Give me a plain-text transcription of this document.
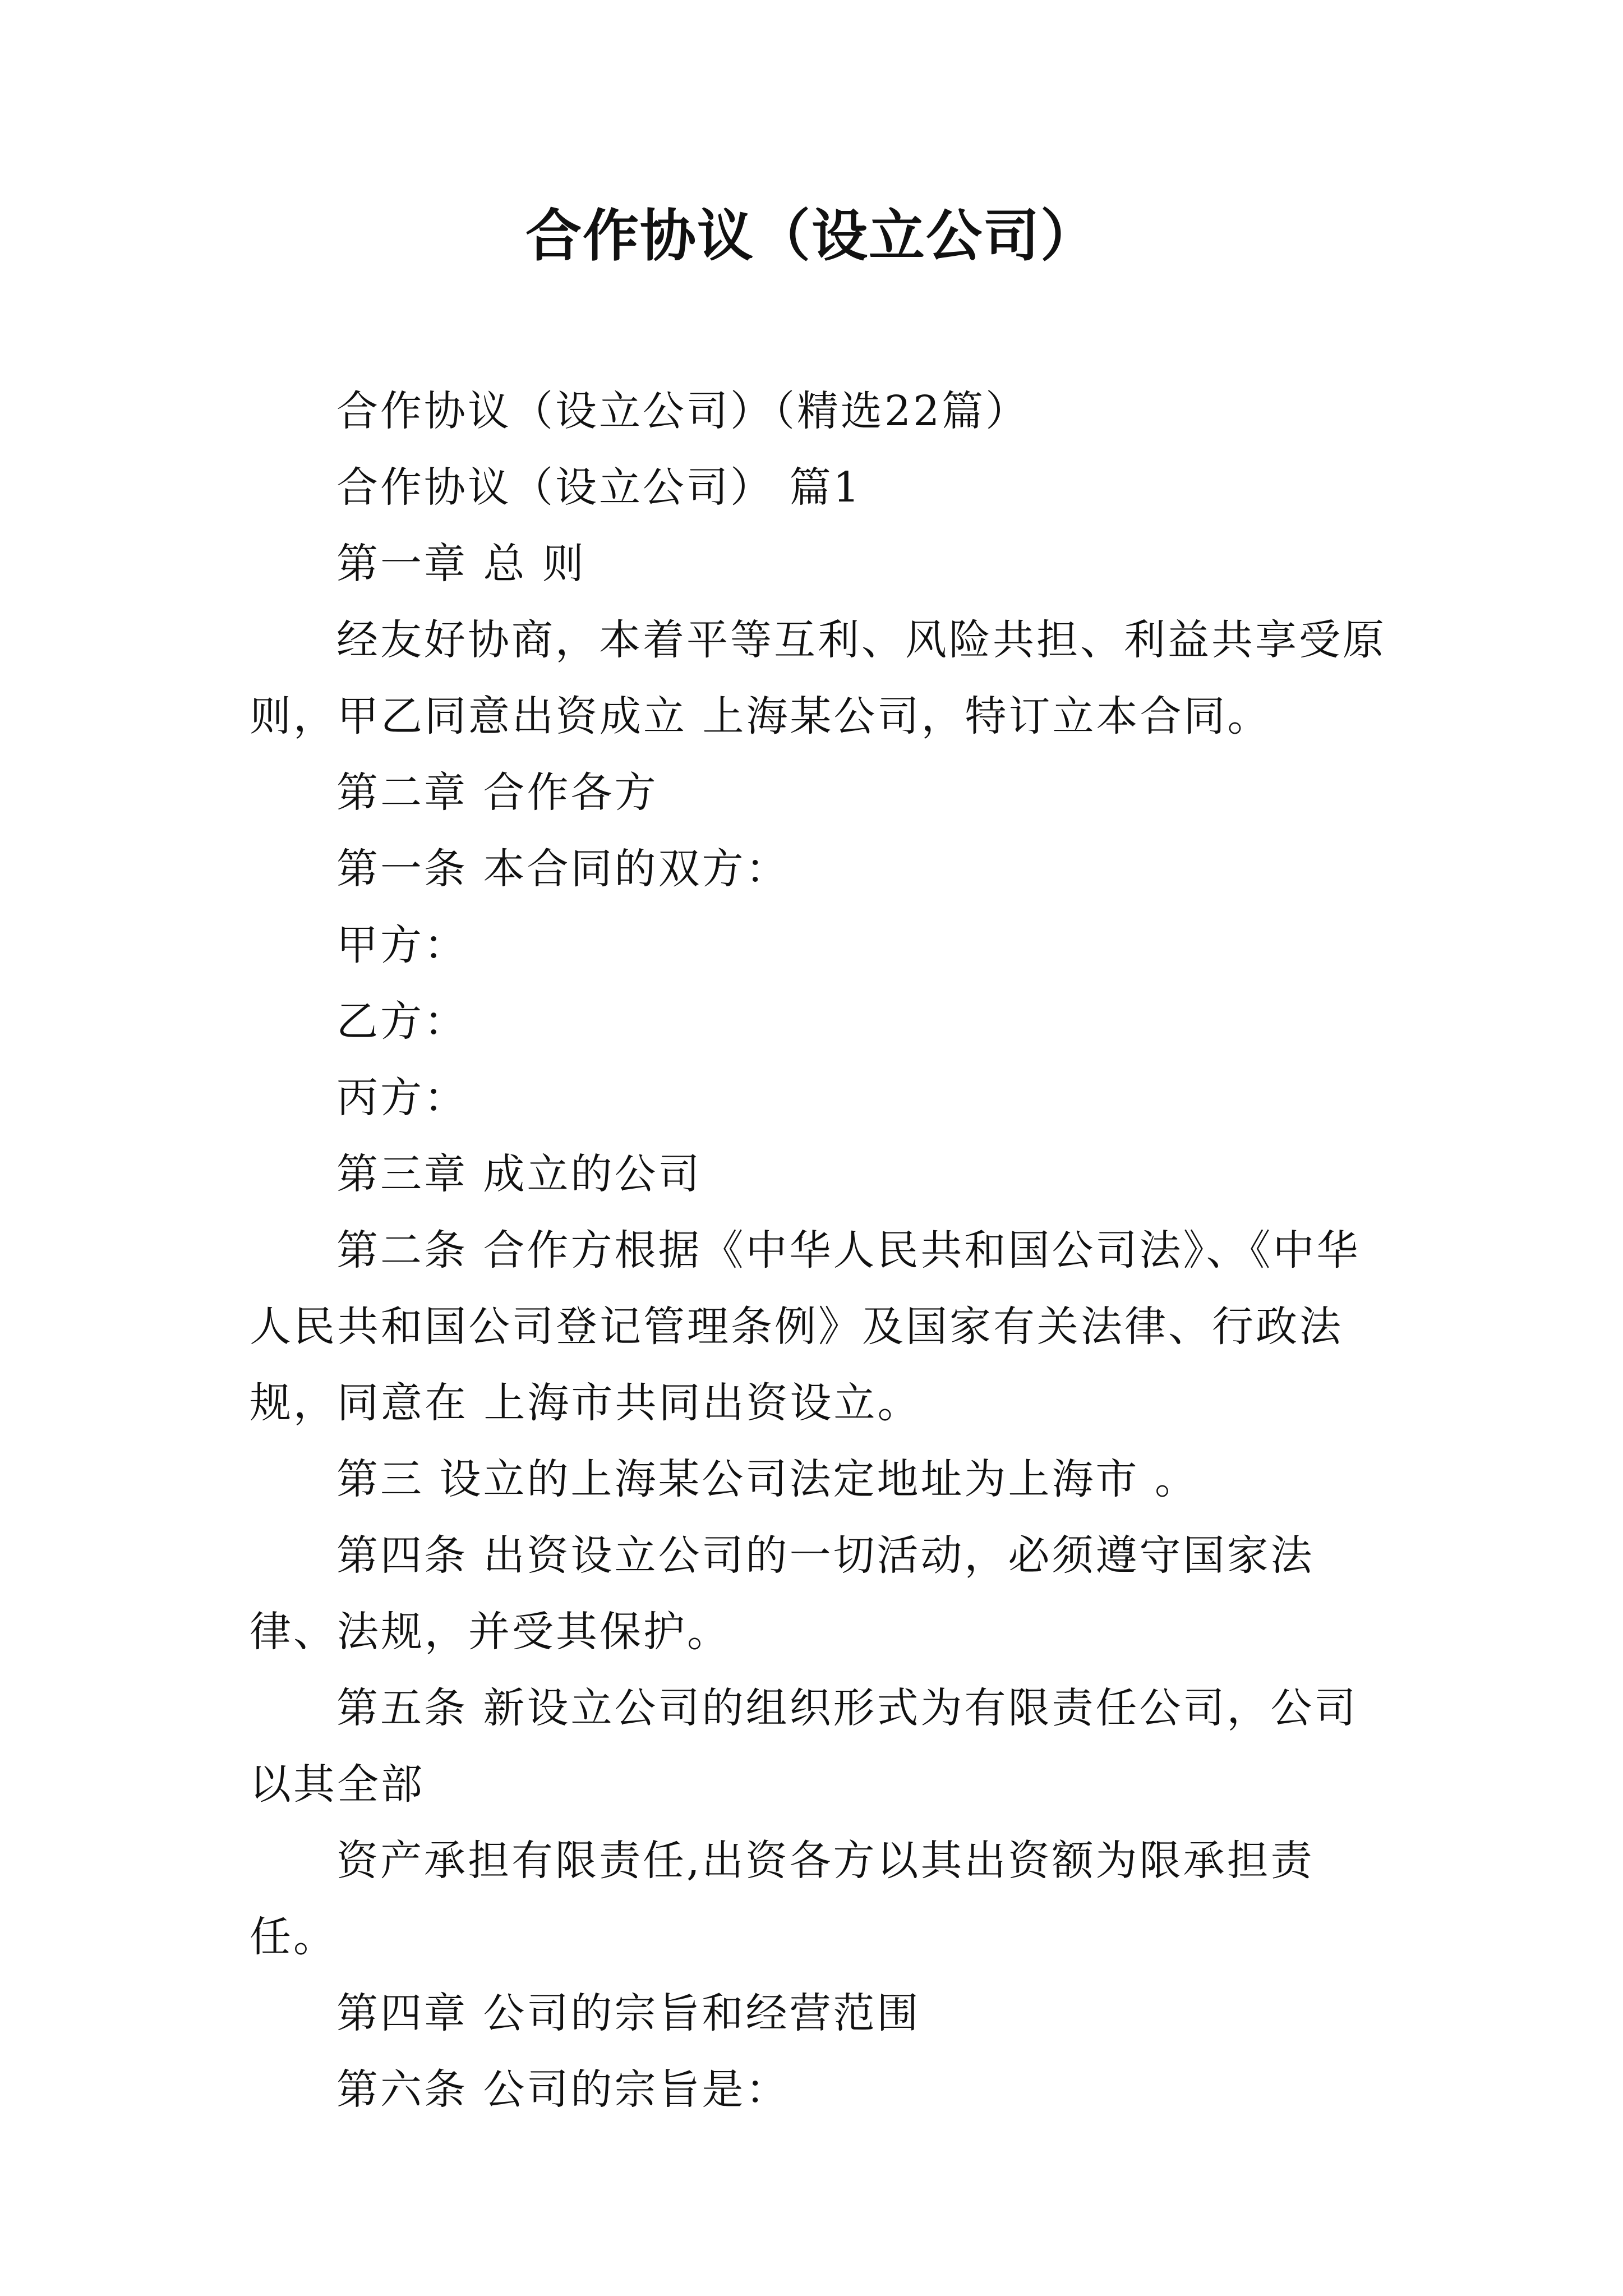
合作协议（设立公司）

合作协议（设立公司）（精选22篇）

合作协议（设立公司） 篇1

第一章 总 则

经友好协商，本着平等互利、风险共担、利益共享受原则，甲乙同意出资成立 上海某公司，特订立本合同。

第二章 合作各方

第一条 本合同的双方：

甲方：

乙方：

丙方：

第三章 成立的公司

第二条 合作方根据《中华人民共和国公司法》、《中华人民共和国公司登记管理条例》及国家有关法律、行政法规，同意在 上海市共同出资设立。

第三 设立的上海某公司法定地址为上海市 。

第四条 出资设立公司的一切活动，必须遵守国家法律、法规，并受其保护。

第五条 新设立公司的组织形式为有限责任公司，公司以其全部

资产承担有限责任,出资各方以其出资额为限承担责任。

第四章 公司的宗旨和经营范围

第六条 公司的宗旨是：
